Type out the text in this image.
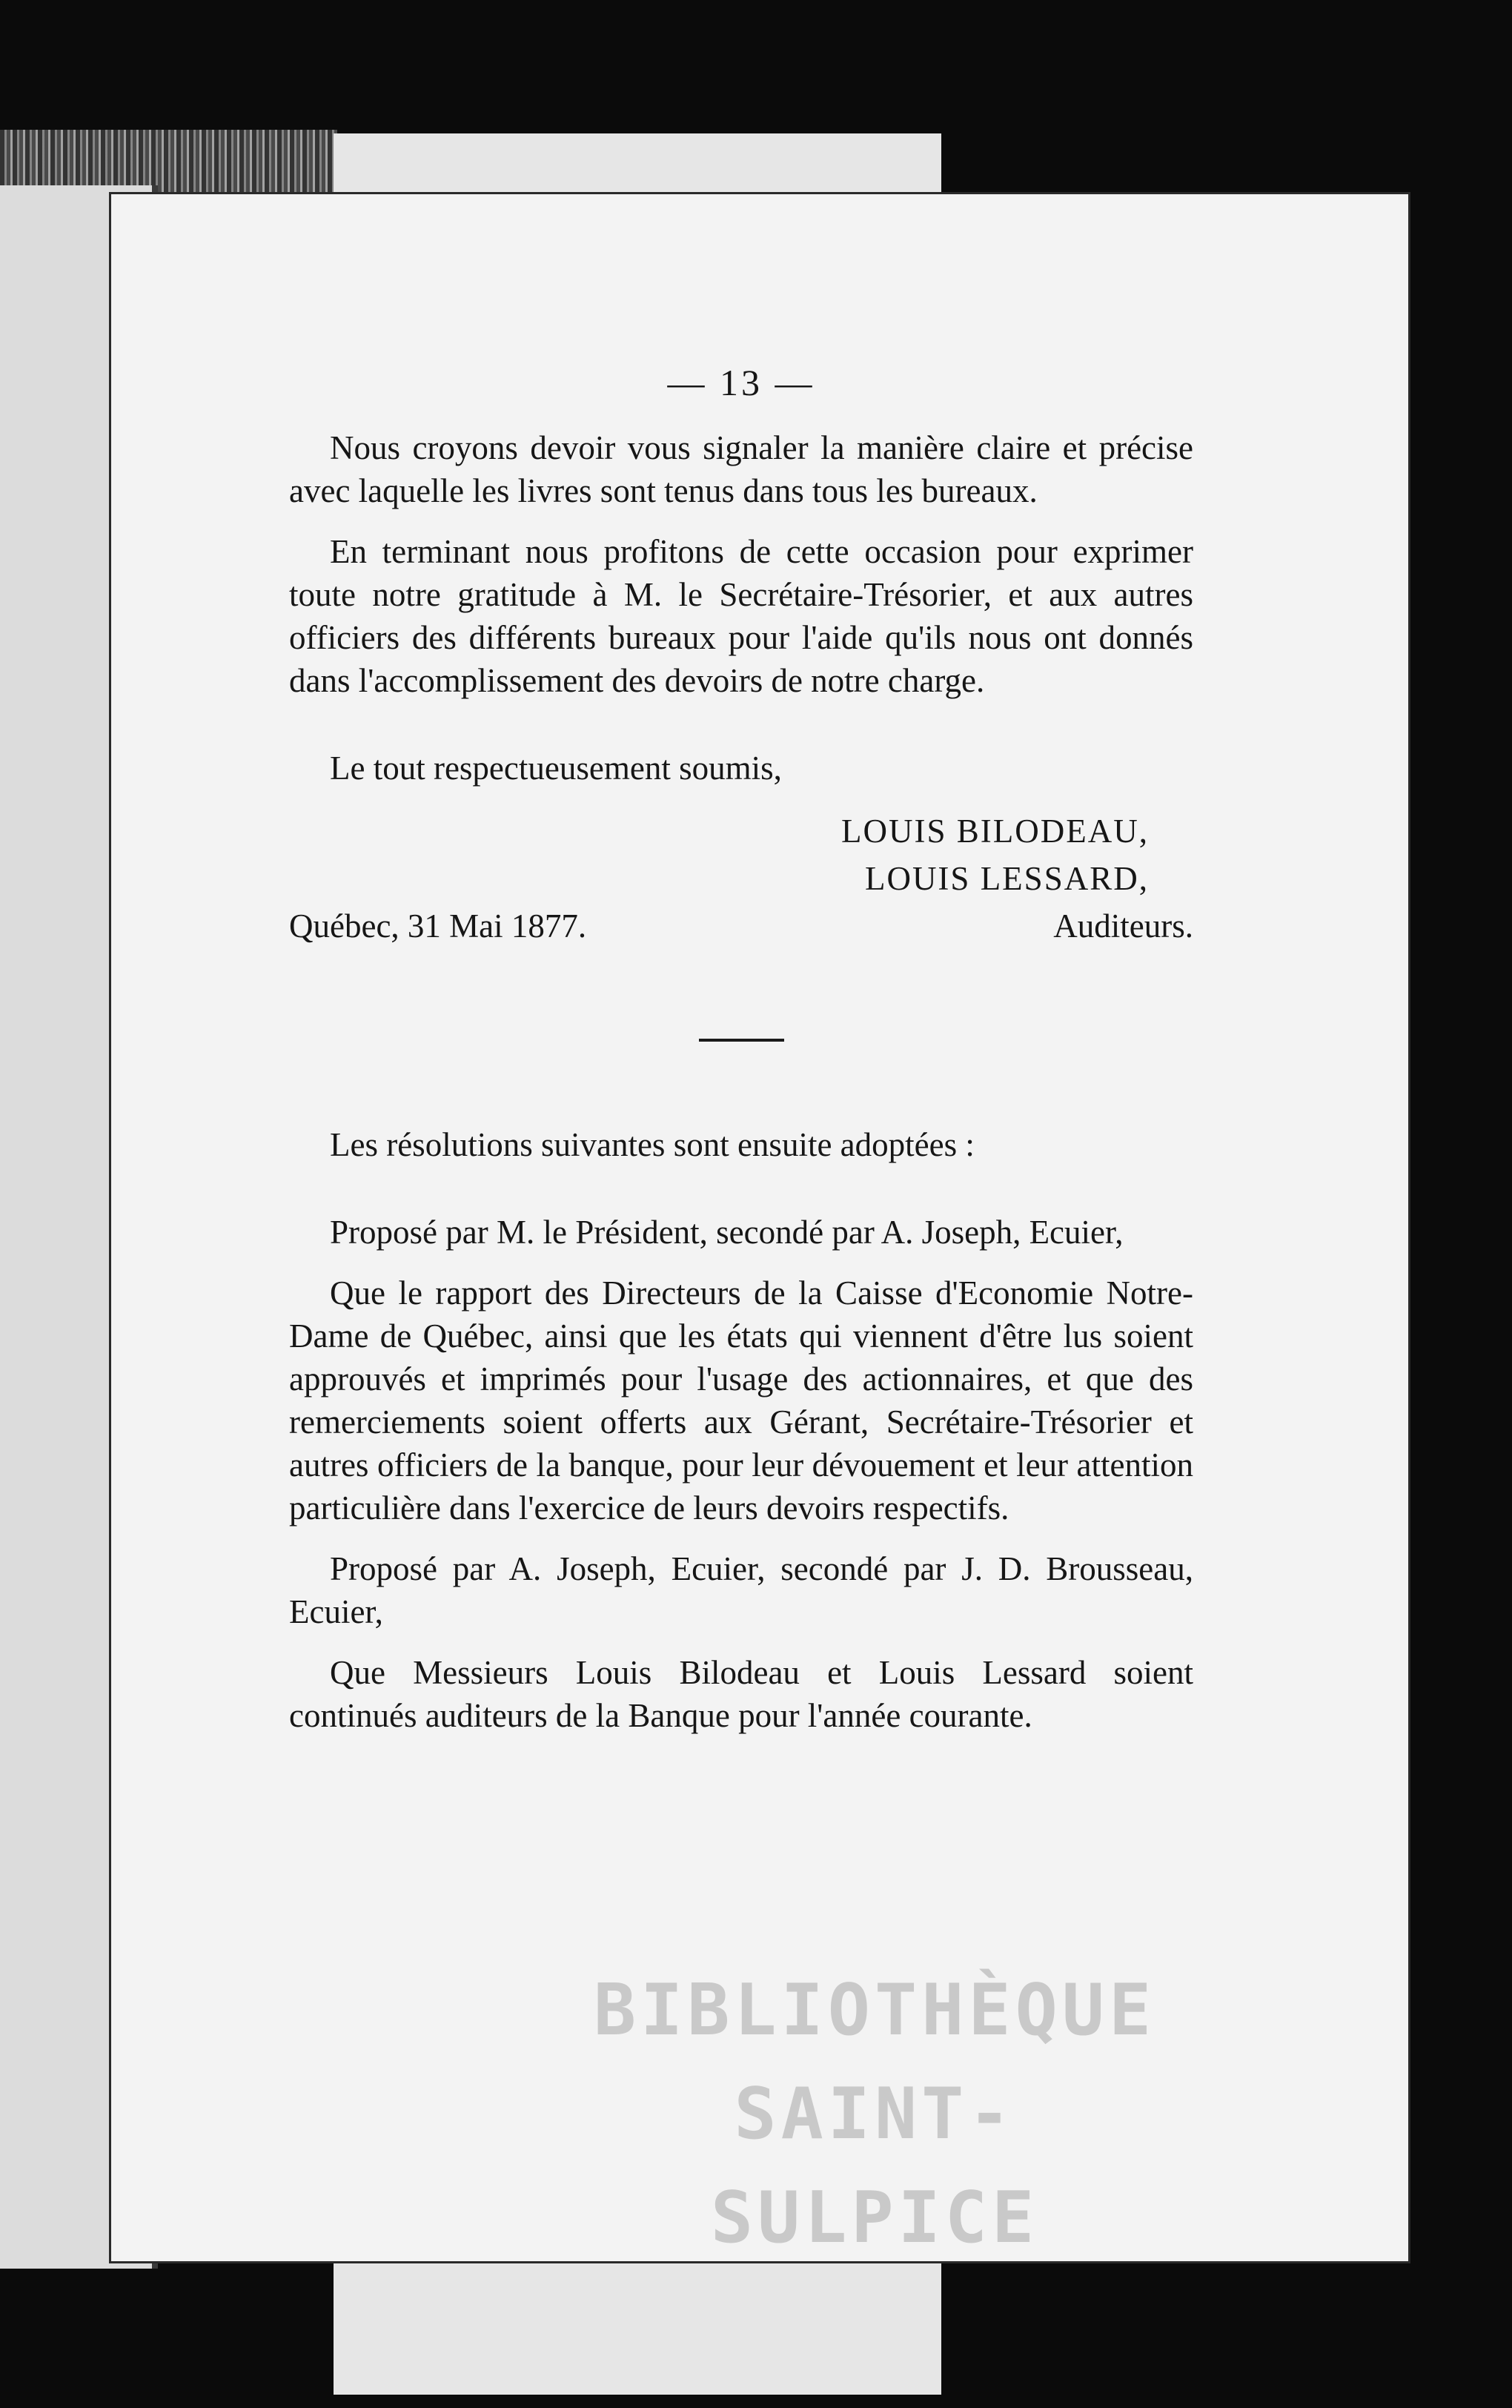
— 13 —

Nous croyons devoir vous signaler la manière claire et précise avec laquelle les livres sont tenus dans tous les bureaux.

En terminant nous profitons de cette occasion pour exprimer toute notre gratitude à M. le Secrétaire-Trésorier, et aux autres officiers des différents bureaux pour l'aide qu'ils nous ont donnés dans l'accomplissement des devoirs de notre charge.

Le tout respectueusement soumis,

LOUIS BILODEAU,
LOUIS LESSARD,
Québec, 31 Mai 1877.	Auditeurs.

Les résolutions suivantes sont ensuite adoptées :

Proposé par M. le Président, secondé par A. Joseph, Ecuier,

Que le rapport des Directeurs de la Caisse d'Economie Notre-Dame de Québec, ainsi que les états qui viennent d'être lus soient approuvés et imprimés pour l'usage des actionnaires, et que des remerciements soient offerts aux Gérant, Secrétaire-Trésorier et autres officiers de la banque, pour leur dévouement et leur attention particulière dans l'exercice de leurs devoirs respectifs.

Proposé par A. Joseph, Ecuier, secondé par J. D. Brousseau, Ecuier,

Que Messieurs Louis Bilodeau et Louis Lessard soient continués auditeurs de la Banque pour l'année courante.

BIBLIOTHÈQUE
SAINT-SULPICE
